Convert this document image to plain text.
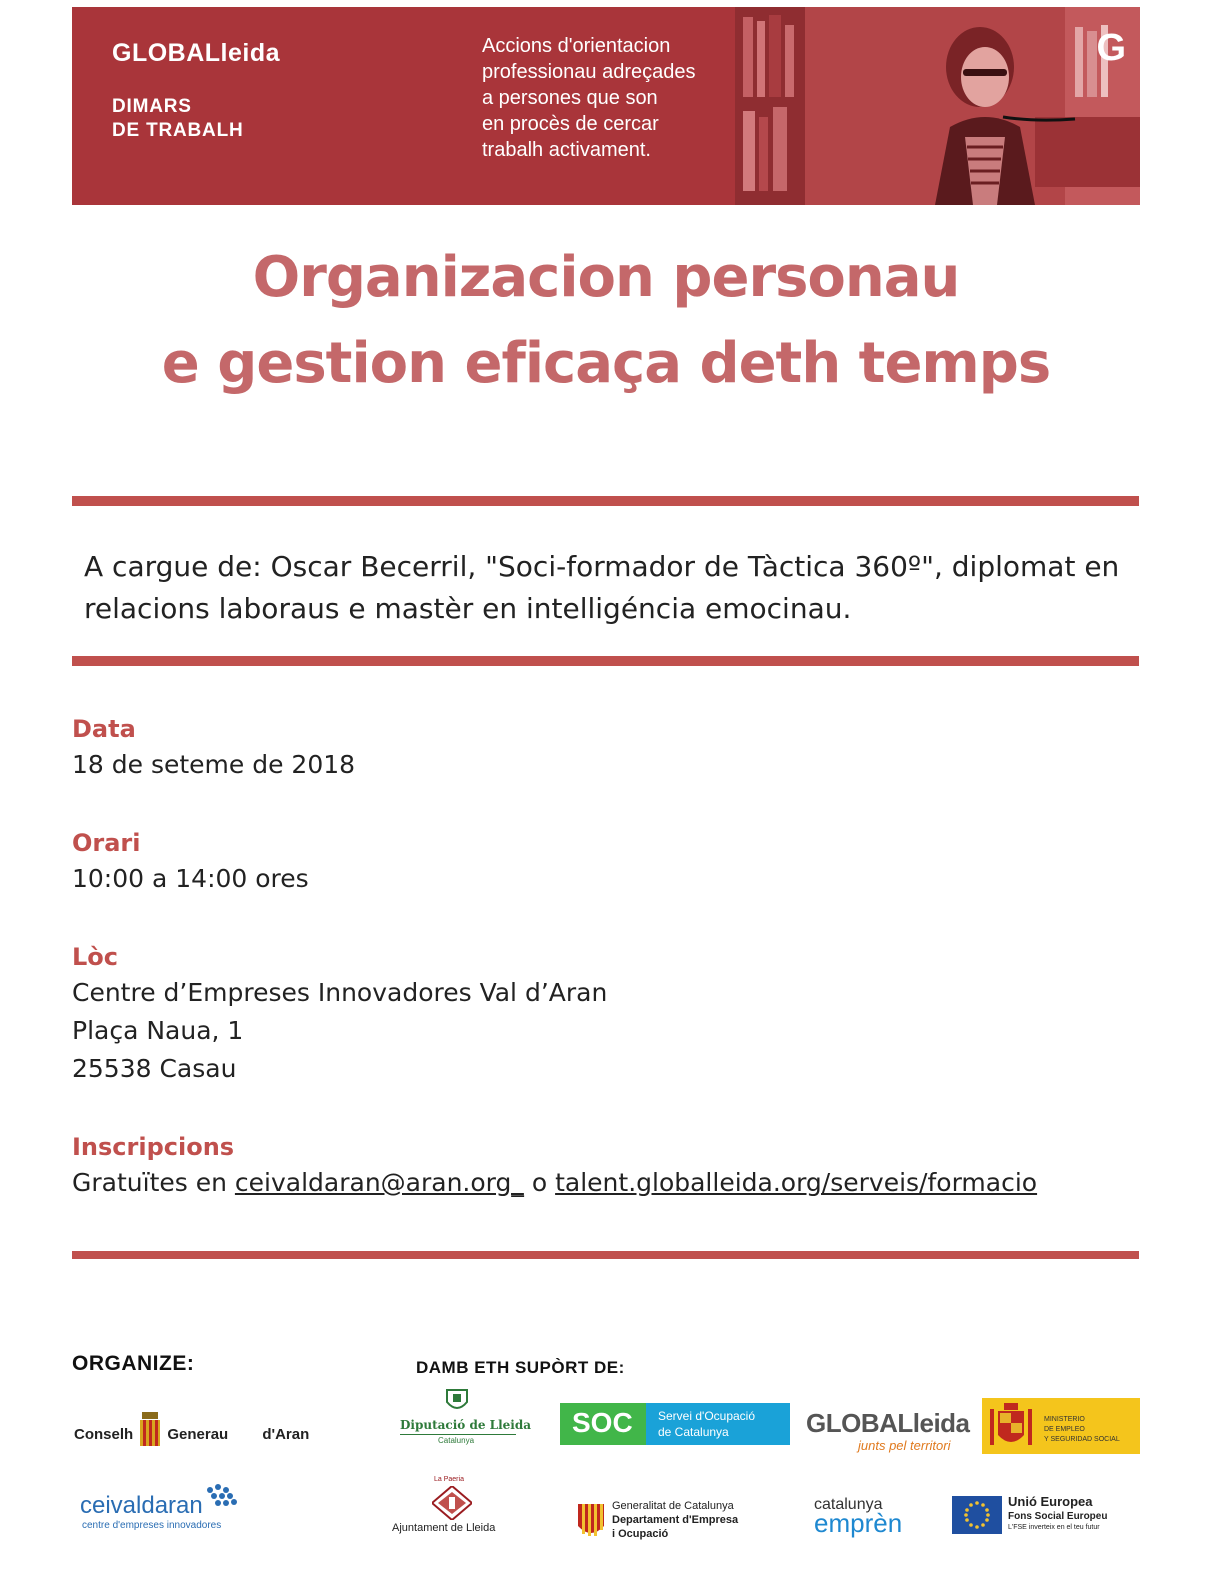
GLOBALleida
DIMARS
DE TRABALH
Accions d'orientacion
professionau adreçades
a persones que son
en procès de cercar
trabalh activament.
G
Organizacion personau
e gestion eficaça deth temps
A cargue de: Oscar Becerril, "Soci-formador de Tàctica 360º", diplomat en
relacions laboraus e mastèr en intelligéncia emocinau.
Data
18 de seteme de 2018
Orari
10:00 a 14:00 ores
Lòc
Centre d’Empreses Innovadores Val d’Aran
Plaça Naua, 1
25538 Casau
Inscripcions
Gratuïtes en ceivaldaran@aran.org_ o talent.globalleida.org/serveis/formacio
ORGANIZE:	DAMB ETH SUPÒRT DE:
Conselh Generau d'Aran
ceivaldaran
centre d'empreses innovadores
Diputació de Lleida
Catalunya
La Paeria
Ajuntament de Lleida
SOC Servei d'Ocupació
de Catalunya
Generalitat de Catalunya
Departament d'Empresa
i Ocupació
GLOBALleida
junts pel territori
catalunya
emprèn
MINISTERIO
DE EMPLEO
Y SEGURIDAD SOCIAL
Unió Europea
Fons Social Europeu
L'FSE inverteix en el teu futur
